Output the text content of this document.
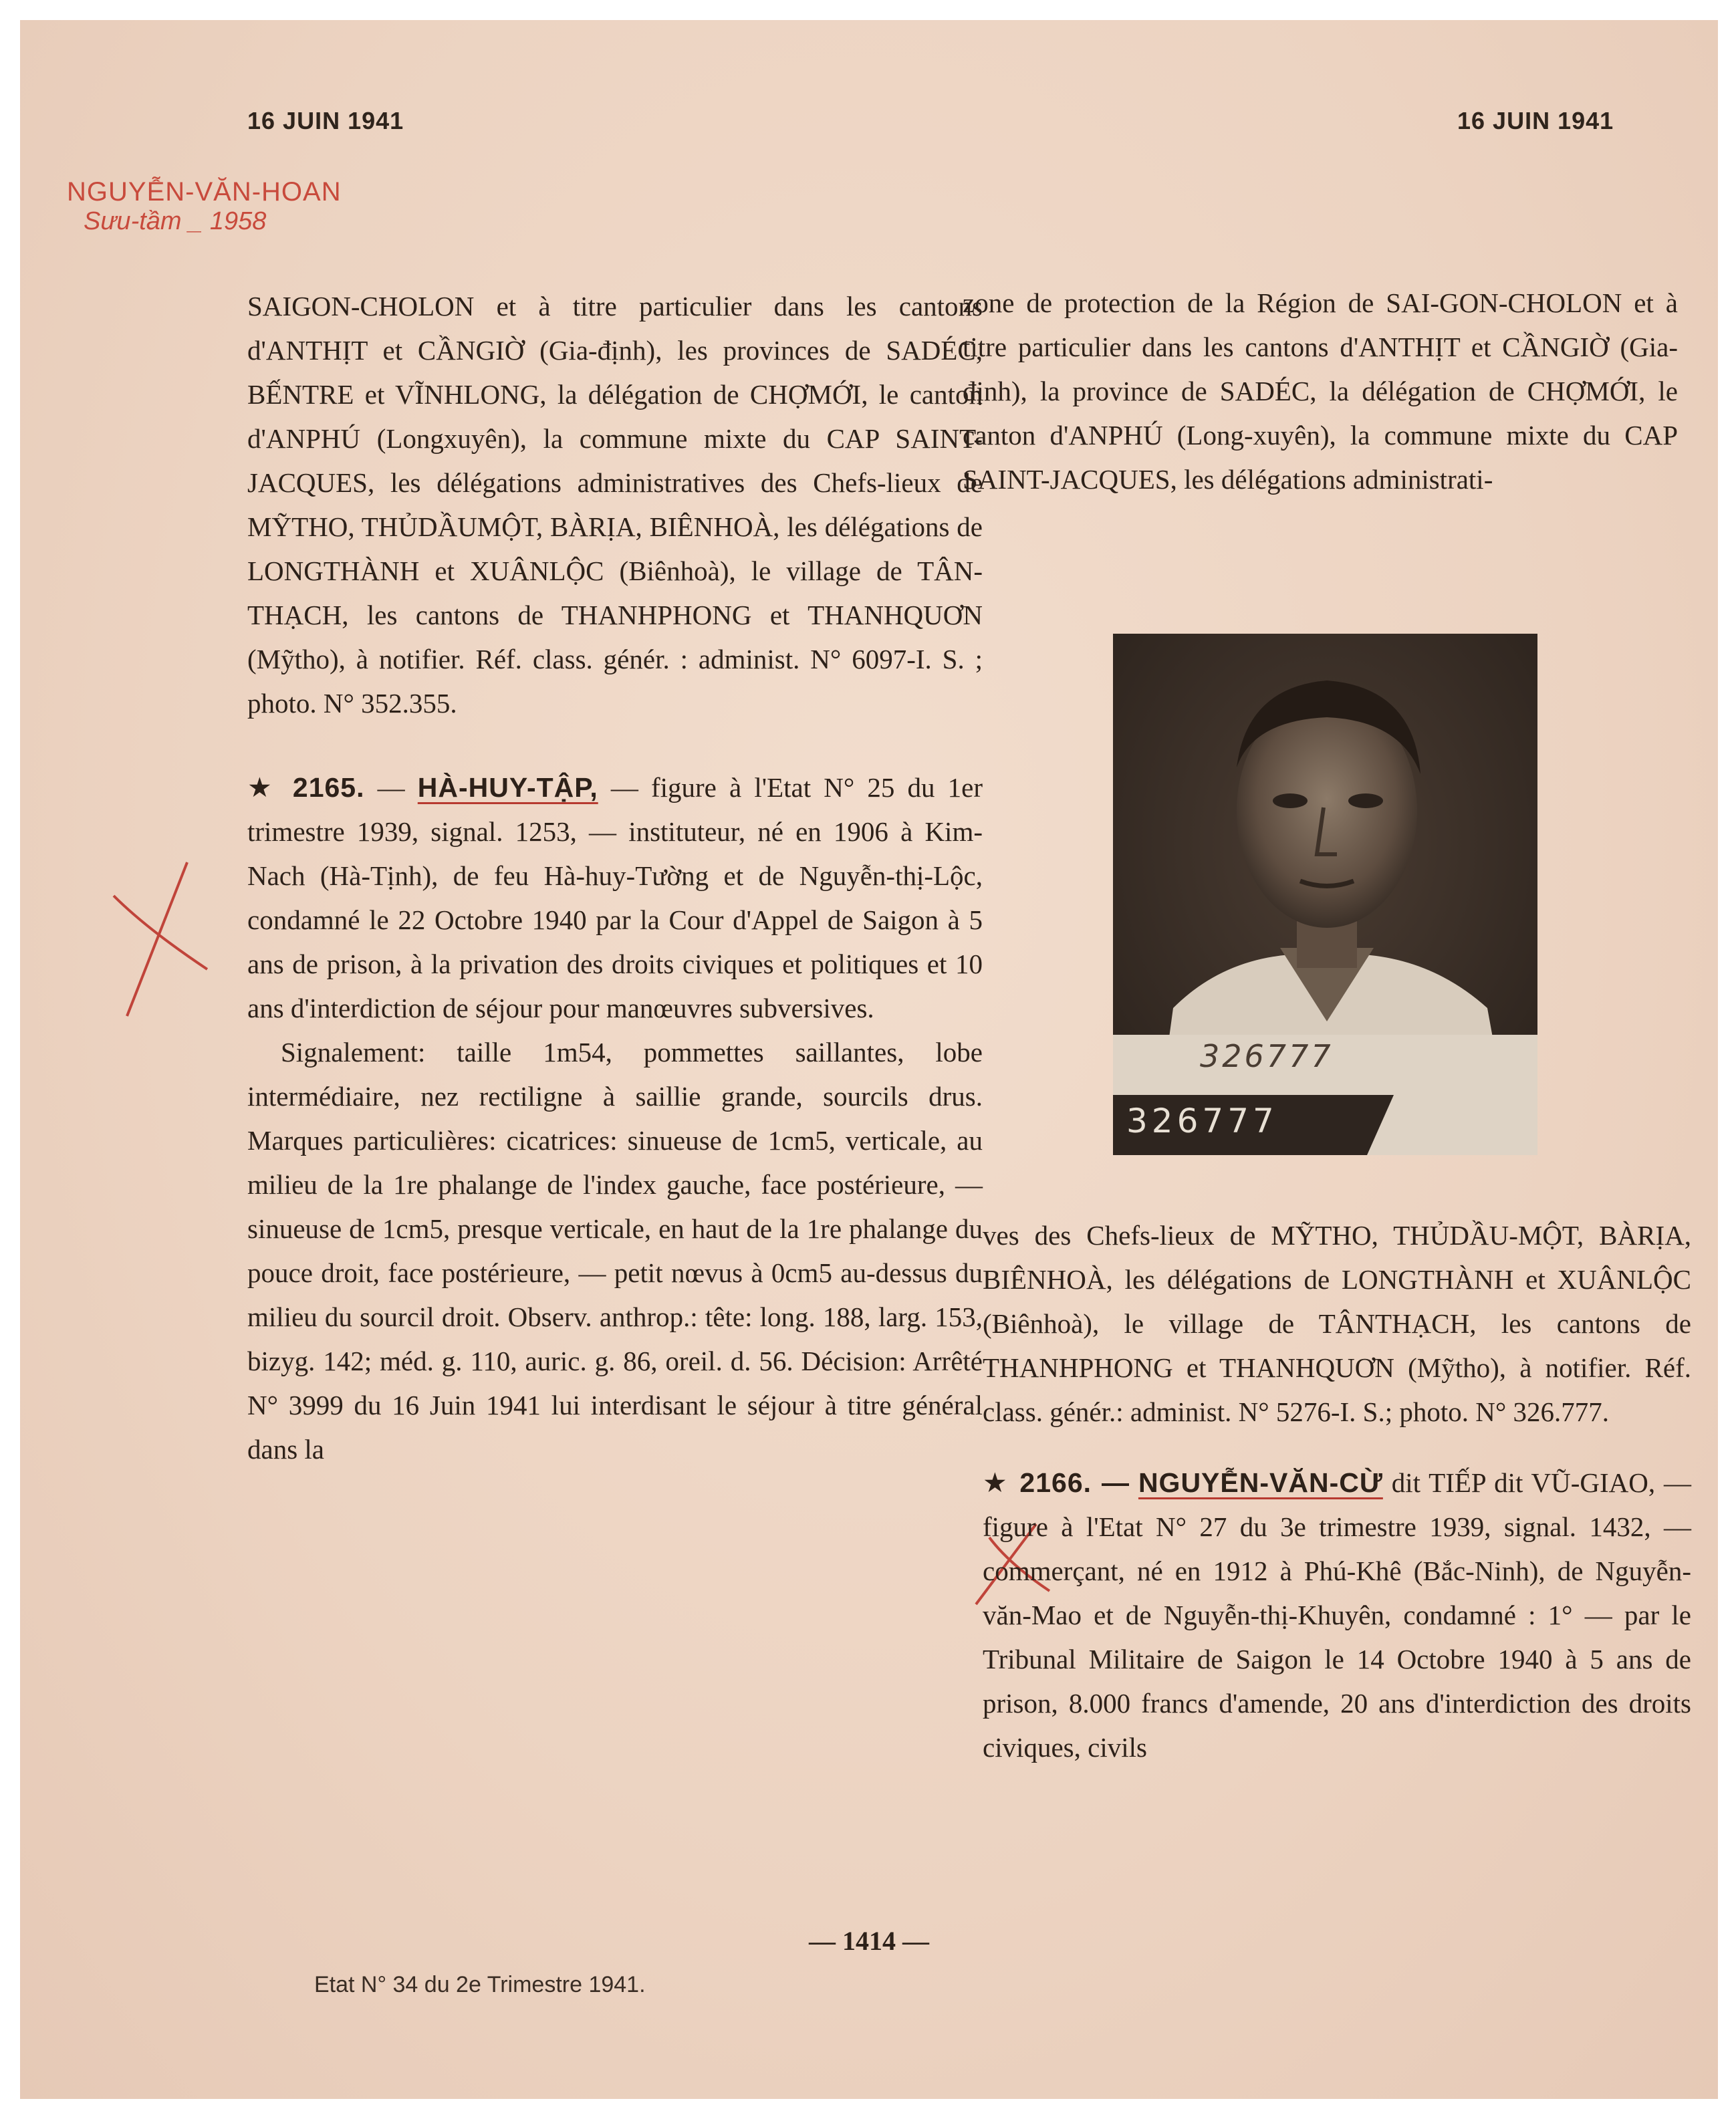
16 JUIN 1941	16 JUIN 1941
NGUYỄN-VĂN-HOAN
Sưu-tầm _ 1958

SAIGON-CHOLON et à titre particulier dans les cantons d'ANTHỊT et CẦNGIỜ (Gia-định), les provinces de SADÉC, BẾNTRE et VĨNHLONG, la délégation de CHỢMỚI, le canton d'ANPHÚ (Longxuyên), la commune mixte du CAP SAINT-JACQUES, les délégations administratives des Chefs-lieux de MỸTHO, THỦDẦUMỘT, BÀRỊA, BIÊNHOÀ, les délégations de LONGTHÀNH et XUÂNLỘC (Biênhoà), le village de TÂN-THẠCH, les cantons de THANHPHONG et THANHQUƠN (Mỹtho), à notifier. Réf. class. génér. : administ. N° 6097-I. S. ; photo. N° 352.355.

★ 2165. — HÀ-HUY-TẬP, — figure à l'Etat N° 25 du 1er trimestre 1939, signal. 1253, — instituteur, né en 1906 à Kim-Nach (Hà-Tịnh), de feu Hà-huy-Tường et de Nguyễn-thị-Lộc, condamné le 22 Octobre 1940 par la Cour d'Appel de Saigon à 5 ans de prison, à la privation des droits civiques et politiques et 10 ans d'interdiction de séjour pour manœuvres subversives.

Signalement: taille 1m54, pommettes saillantes, lobe intermédiaire, nez rectiligne à saillie grande, sourcils drus. Marques particulières: cicatrices: sinueuse de 1cm5, verticale, au milieu de la 1re phalange de l'index gauche, face postérieure, — sinueuse de 1cm5, presque verticale, en haut de la 1re phalange du pouce droit, face postérieure, — petit nœvus à 0cm5 au-dessus du milieu du sourcil droit. Observ. anthrop.: tête: long. 188, larg. 153, bizyg. 142; méd. g. 110, auric. g. 86, oreil. d. 56. Décision: Arrêté N° 3999 du 16 Juin 1941 lui interdisant le séjour à titre général dans la

zone de protection de la Région de SAI-GON-CHOLON et à titre particulier dans les cantons d'ANTHỊT et CẦNGIỜ (Gia-định), la province de SADÉC, la délégation de CHỢMỚI, le canton d'ANPHÚ (Long-xuyên), la commune mixte du CAP SAINT-JACQUES, les délégations administrati-

326777
326777

ves des Chefs-lieux de MỸTHO, THỦDẦU-MỘT, BÀRỊA, BIÊNHOÀ, les délégations de LONGTHÀNH et XUÂNLỘC (Biênhoà), le village de TÂNTHẠCH, les cantons de THANHPHONG et THANHQUƠN (Mỹtho), à notifier. Réf. class. génér.: administ. N° 5276-I. S.; photo. N° 326.777.

★ 2166. — NGUYỄN-VĂN-CỪ dit TIẾP dit VŨ-GIAO, — figure à l'Etat N° 27 du 3e trimestre 1939, signal. 1432, — commerçant, né en 1912 à Phú-Khê (Bắc-Ninh), de Nguyễn-văn-Mao et de Nguyễn-thị-Khuyên, condamné : 1° — par le Tribunal Militaire de Saigon le 14 Octobre 1940 à 5 ans de prison, 8.000 francs d'amende, 20 ans d'interdiction des droits civiques, civils

— 1414 —
Etat N° 34 du 2e Trimestre 1941.
